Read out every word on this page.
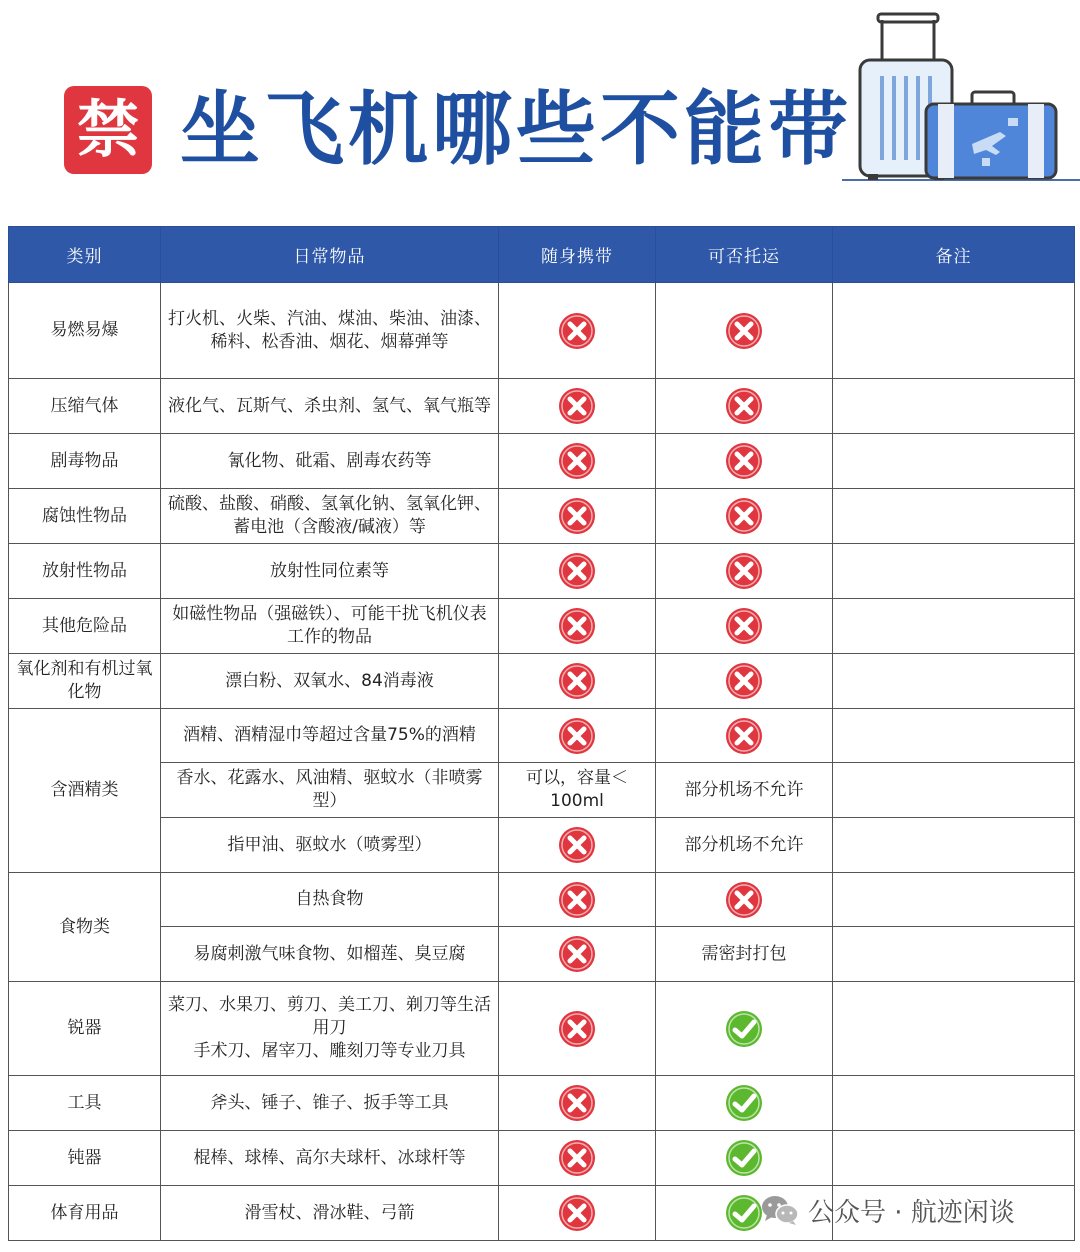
禁 坐飞机哪些不能带
类别	日常物品	随身携带	可否托运	备注
易燃易爆	打火机、火柴、汽油、煤油、柴油、油漆、稀料、松香油、烟花、烟幕弹等			
压缩气体	液化气、瓦斯气、杀虫剂、氢气、氧气瓶等			
剧毒物品	氰化物、砒霜、剧毒农药等			
腐蚀性物品	硫酸、盐酸、硝酸、氢氧化钠、氢氧化钾、蓄电池（含酸液/碱液）等			
放射性物品	放射性同位素等			
其他危险品	如磁性物品（强磁铁）、可能干扰飞机仪表工作的物品			
氧化剂和有机过氧化物	漂白粉、双氧水、84消毒液			
含酒精类	酒精、酒精湿巾等超过含量75%的酒精			
	香水、花露水、风油精、驱蚊水（非喷雾型）	可以，容量＜100ml	部分机场不允许	
	指甲油、驱蚊水（喷雾型）		部分机场不允许	
食物类	自热食物			
	易腐刺激气味食物、如榴莲、臭豆腐		需密封打包	
锐器	菜刀、水果刀、剪刀、美工刀、剃刀等生活用刀
手术刀、屠宰刀、雕刻刀等专业刀具			
工具	斧头、锤子、锥子、扳手等工具			
钝器	棍棒、球棒、高尔夫球杆、冰球杆等			
体育用品	滑雪杖、滑冰鞋、弓箭				公众号 · 航迹闲谈
